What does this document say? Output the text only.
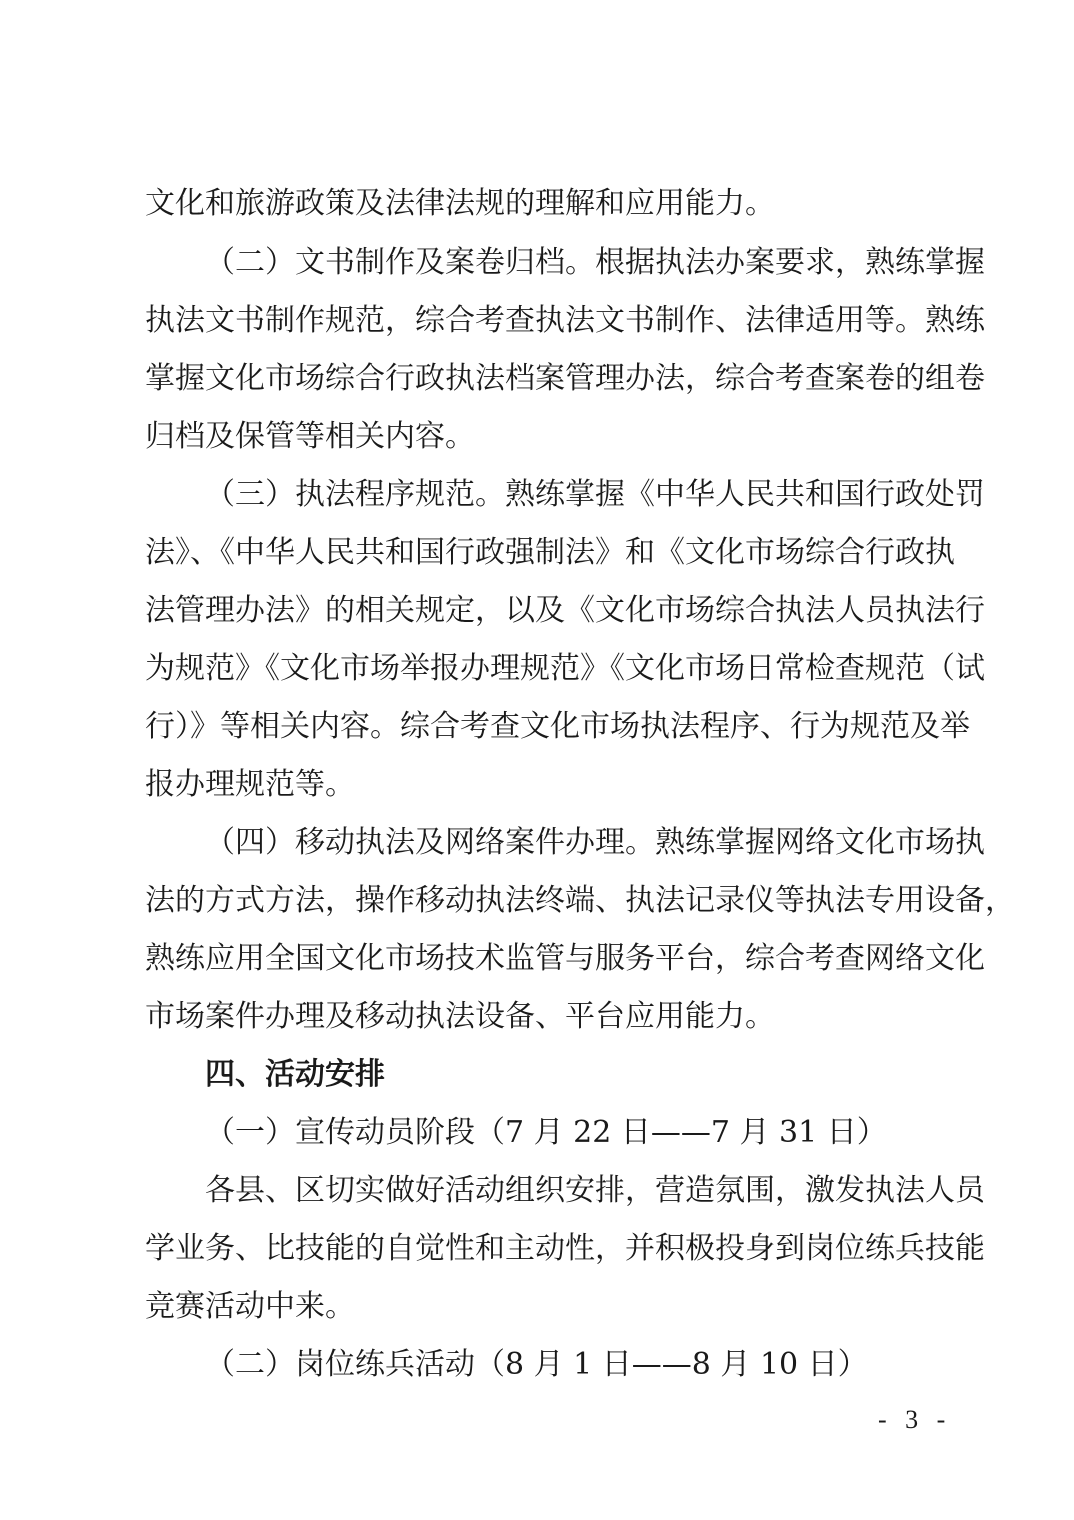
文化和旅游政策及法律法规的理解和应用能力。
（二）文书制作及案卷归档。根据执法办案要求，熟练掌握
执法文书制作规范，综合考查执法文书制作、法律适用等。熟练
掌握文化市场综合行政执法档案管理办法，综合考查案卷的组卷
归档及保管等相关内容。
（三）执法程序规范。熟练掌握《中华人民共和国行政处罚
法》、《中华人民共和国行政强制法》和《文化市场综合行政执
法管理办法》的相关规定，以及《文化市场综合执法人员执法行
为规范》《文化市场举报办理规范》《文化市场日常检查规范（试
行）》等相关内容。综合考查文化市场执法程序、行为规范及举
报办理规范等。
（四）移动执法及网络案件办理。熟练掌握网络文化市场执
法的方式方法，操作移动执法终端、执法记录仪等执法专用设备，
熟练应用全国文化市场技术监管与服务平台，综合考查网络文化
市场案件办理及移动执法设备、平台应用能力。
四、活动安排
（一）宣传动员阶段（7 月 22 日——7 月 31 日）
各县、区切实做好活动组织安排，营造氛围，激发执法人员
学业务、比技能的自觉性和主动性，并积极投身到岗位练兵技能
竞赛活动中来。
（二）岗位练兵活动（8 月 1 日——8 月 10 日）
- 3 -
